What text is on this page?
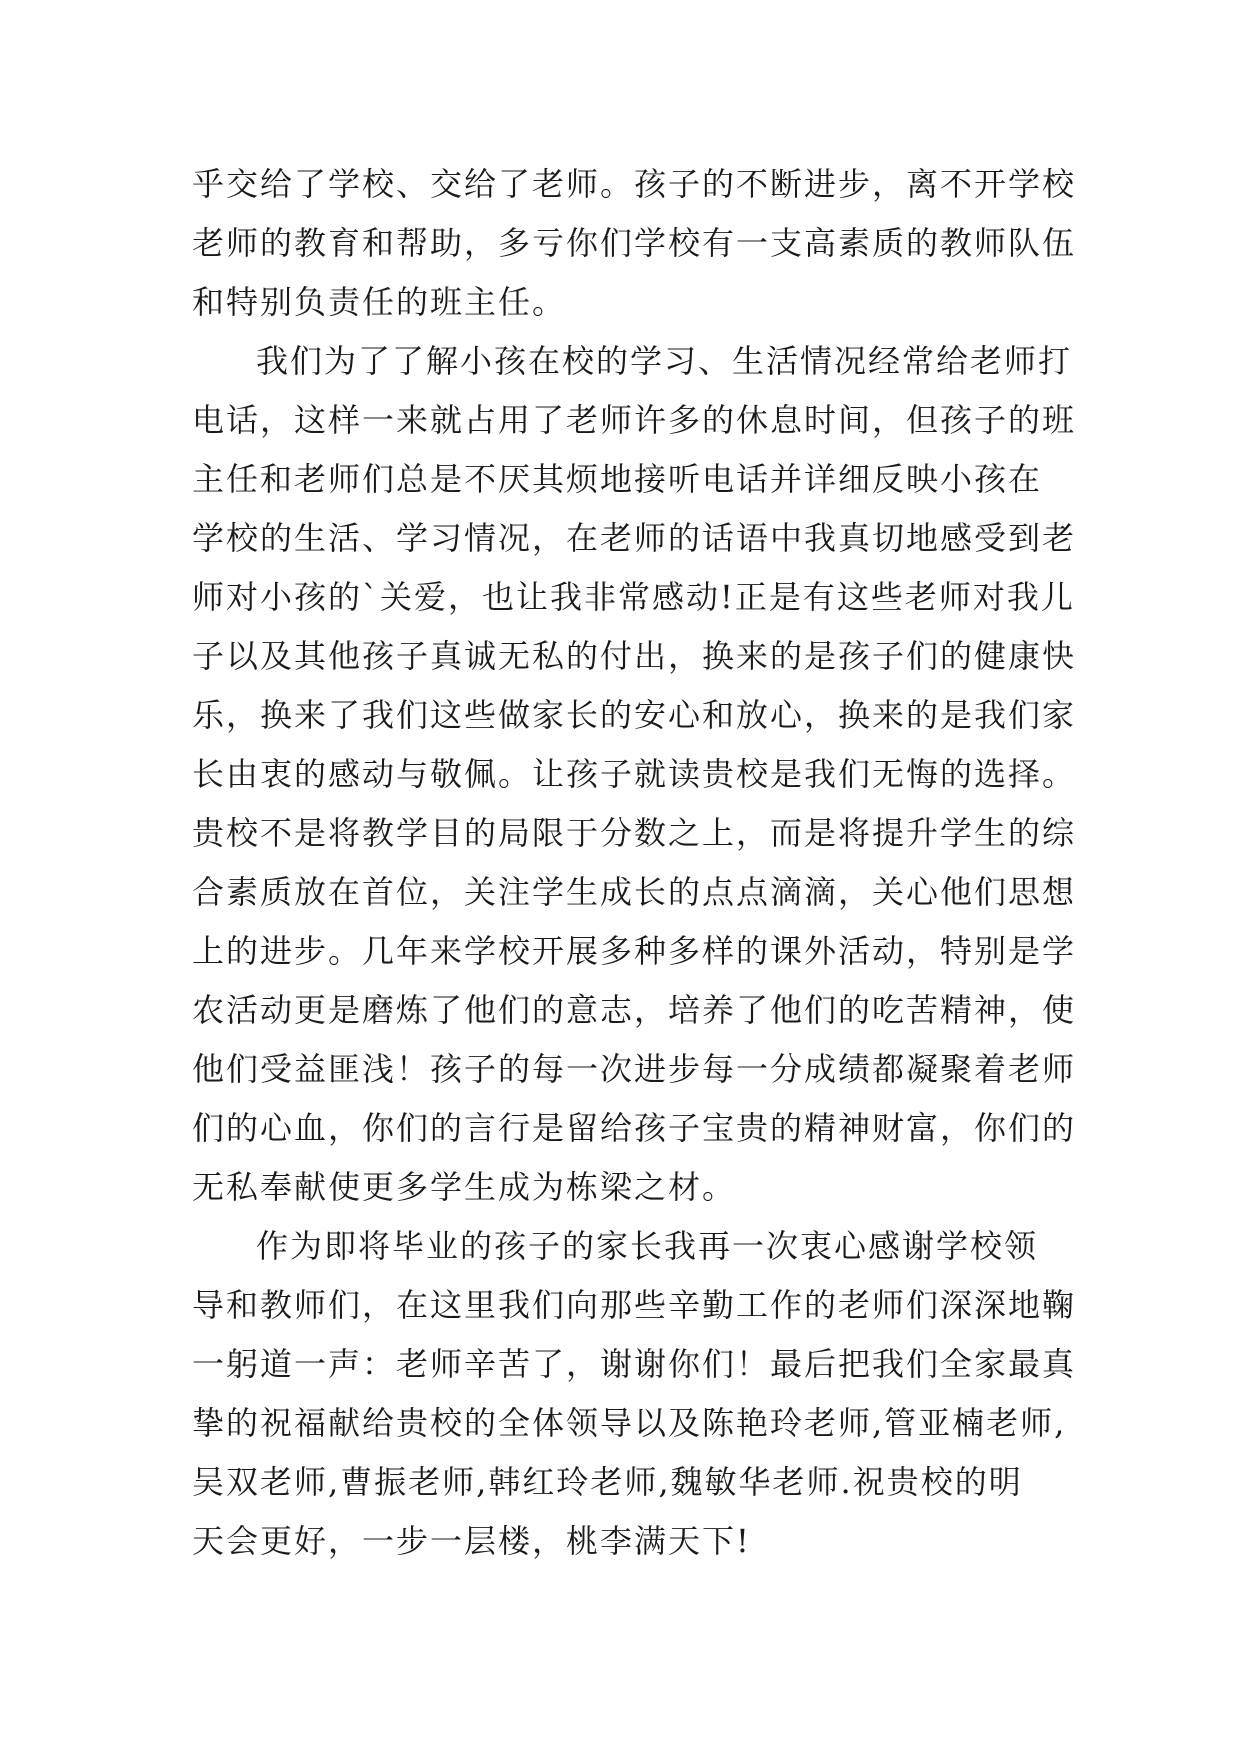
乎交给了学校、交给了老师。孩子的不断进步，离不开学校
老师的教育和帮助，多亏你们学校有一支高素质的教师队伍
和特别负责任的班主任。
我们为了了解小孩在校的学习、生活情况经常给老师打
电话，这样一来就占用了老师许多的休息时间，但孩子的班
主任和老师们总是不厌其烦地接听电话并详细反映小孩在
学校的生活、学习情况，在老师的话语中我真切地感受到老
师对小孩的`关爱，也让我非常感动!正是有这些老师对我儿
子以及其他孩子真诚无私的付出，换来的是孩子们的健康快
乐，换来了我们这些做家长的安心和放心，换来的是我们家
长由衷的感动与敬佩。让孩子就读贵校是我们无悔的选择。
贵校不是将教学目的局限于分数之上，而是将提升学生的综
合素质放在首位，关注学生成长的点点滴滴，关心他们思想
上的进步。几年来学校开展多种多样的课外活动，特别是学
农活动更是磨炼了他们的意志，培养了他们的吃苦精神，使
他们受益匪浅！孩子的每一次进步每一分成绩都凝聚着老师
们的心血，你们的言行是留给孩子宝贵的精神财富，你们的
无私奉献使更多学生成为栋梁之材。
作为即将毕业的孩子的家长我再一次衷心感谢学校领
导和教师们，在这里我们向那些辛勤工作的老师们深深地鞠
一躬道一声：老师辛苦了，谢谢你们！最后把我们全家最真
挚的祝福献给贵校的全体领导以及陈艳玲老师,管亚楠老师,
吴双老师,曹振老师,韩红玲老师,魏敏华老师.祝贵校的明
天会更好，一步一层楼，桃李满天下!
